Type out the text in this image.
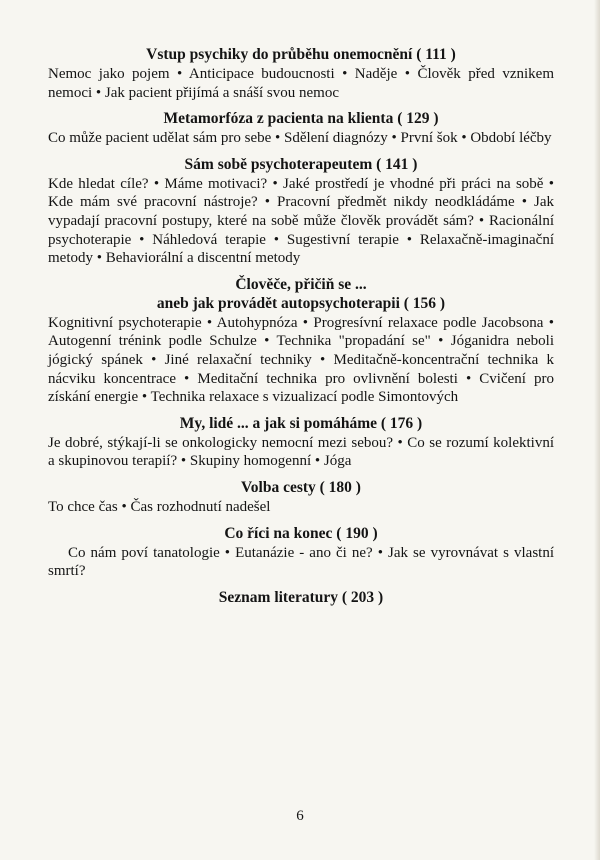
Vstup psychiky do průběhu onemocnění ( 111 )

Nemoc jako pojem • Anticipace budoucnosti • Naděje • Člověk před vznikem nemoci • Jak pacient přijímá a snáší svou nemoc

Metamorfóza z pacienta na klienta ( 129 )

Co může pacient udělat sám pro sebe • Sdělení diagnózy • První šok • Období léčby

Sám sobě psychoterapeutem ( 141 )

Kde hledat cíle? • Máme motivaci? • Jaké prostředí je vhodné při práci na sobě • Kde mám své pracovní nástroje? • Pracovní předmět nikdy neodkládáme • Jak vypadají pracovní postupy, které na sobě může člověk provádět sám? • Racionální psychoterapie • Náhledová terapie • Sugestivní terapie • Relaxačně-imaginační metody • Behaviorální a discentní metody

Člověče, přičiň se ...
aneb jak provádět autopsychoterapii ( 156 )

Kognitivní psychoterapie • Autohypnóza • Progresívní relaxace podle Jacobsona • Autogenní trénink podle Schulze • Technika "propadání se" • Jóganidra neboli jógický spánek • Jiné relaxační techniky • Meditačně-koncentrační technika k nácviku koncentrace • Meditační technika pro ovlivnění bolesti • Cvičení pro získání energie • Technika relaxace s vizualizací podle Simontových

My, lidé ... a jak si pomáháme ( 176 )

Je dobré, stýkají-li se onkologicky nemocní mezi sebou? • Co se rozumí kolektivní a skupinovou terapií? • Skupiny homogenní • Jóga

Volba cesty ( 180 )

To chce čas • Čas rozhodnutí nadešel

Co říci na konec ( 190 )

Co nám poví tanatologie • Eutanázie - ano či ne? • Jak se vyrovnávat s vlastní smrtí?

Seznam literatury ( 203 )
6
